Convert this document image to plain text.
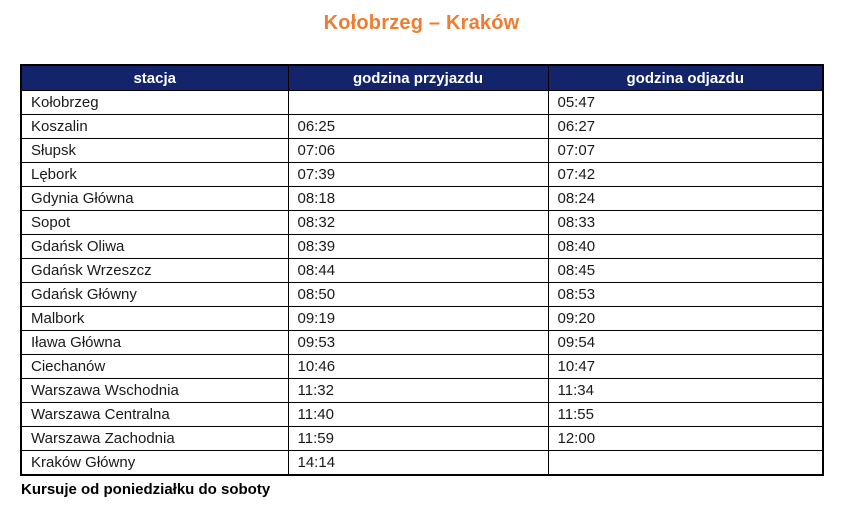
Kołobrzeg – Kraków
stacja	godzina przyjazdu	godzina odjazdu
Kołobrzeg		05:47
Koszalin	06:25	06:27
Słupsk	07:06	07:07
Lębork	07:39	07:42
Gdynia Główna	08:18	08:24
Sopot	08:32	08:33
Gdańsk Oliwa	08:39	08:40
Gdańsk Wrzeszcz	08:44	08:45
Gdańsk Główny	08:50	08:53
Malbork	09:19	09:20
Iława Główna	09:53	09:54
Ciechanów	10:46	10:47
Warszawa Wschodnia	11:32	11:34
Warszawa Centralna	11:40	11:55
Warszawa Zachodnia	11:59	12:00
Kraków Główny	14:14	
Kursuje od poniedziałku do soboty
